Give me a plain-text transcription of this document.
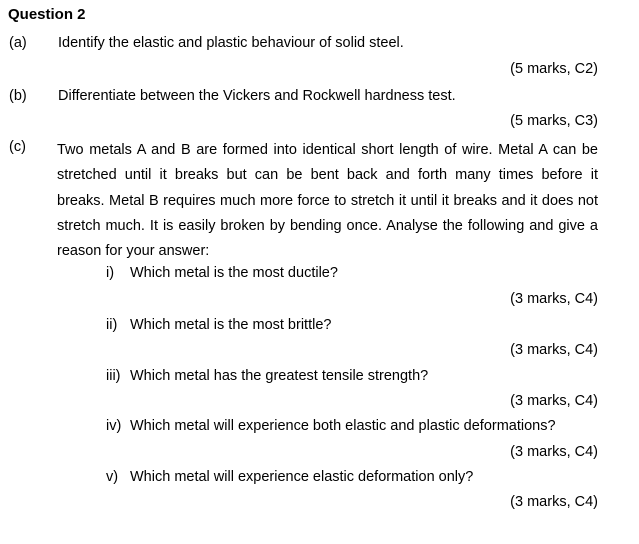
Question 2
(a) Identify the elastic and plastic behaviour of solid steel.
(5 marks, C2)
(b) Differentiate between the Vickers and Rockwell hardness test.
(5 marks, C3)
(c) Two metals A and B are formed into identical short length of wire. Metal A can be
stretched until it breaks but can be bent back and forth many times before it
breaks. Metal B requires much more force to stretch it until it breaks and it does not
stretch much. It is easily broken by bending once. Analyse the following and give a
reason for your answer:
i) Which metal is the most ductile?
(3 marks, C4)
ii) Which metal is the most brittle?
(3 marks, C4)
iii) Which metal has the greatest tensile strength?
(3 marks, C4)
iv) Which metal will experience both elastic and plastic deformations?
(3 marks, C4)
v) Which metal will experience elastic deformation only?
(3 marks, C4)
